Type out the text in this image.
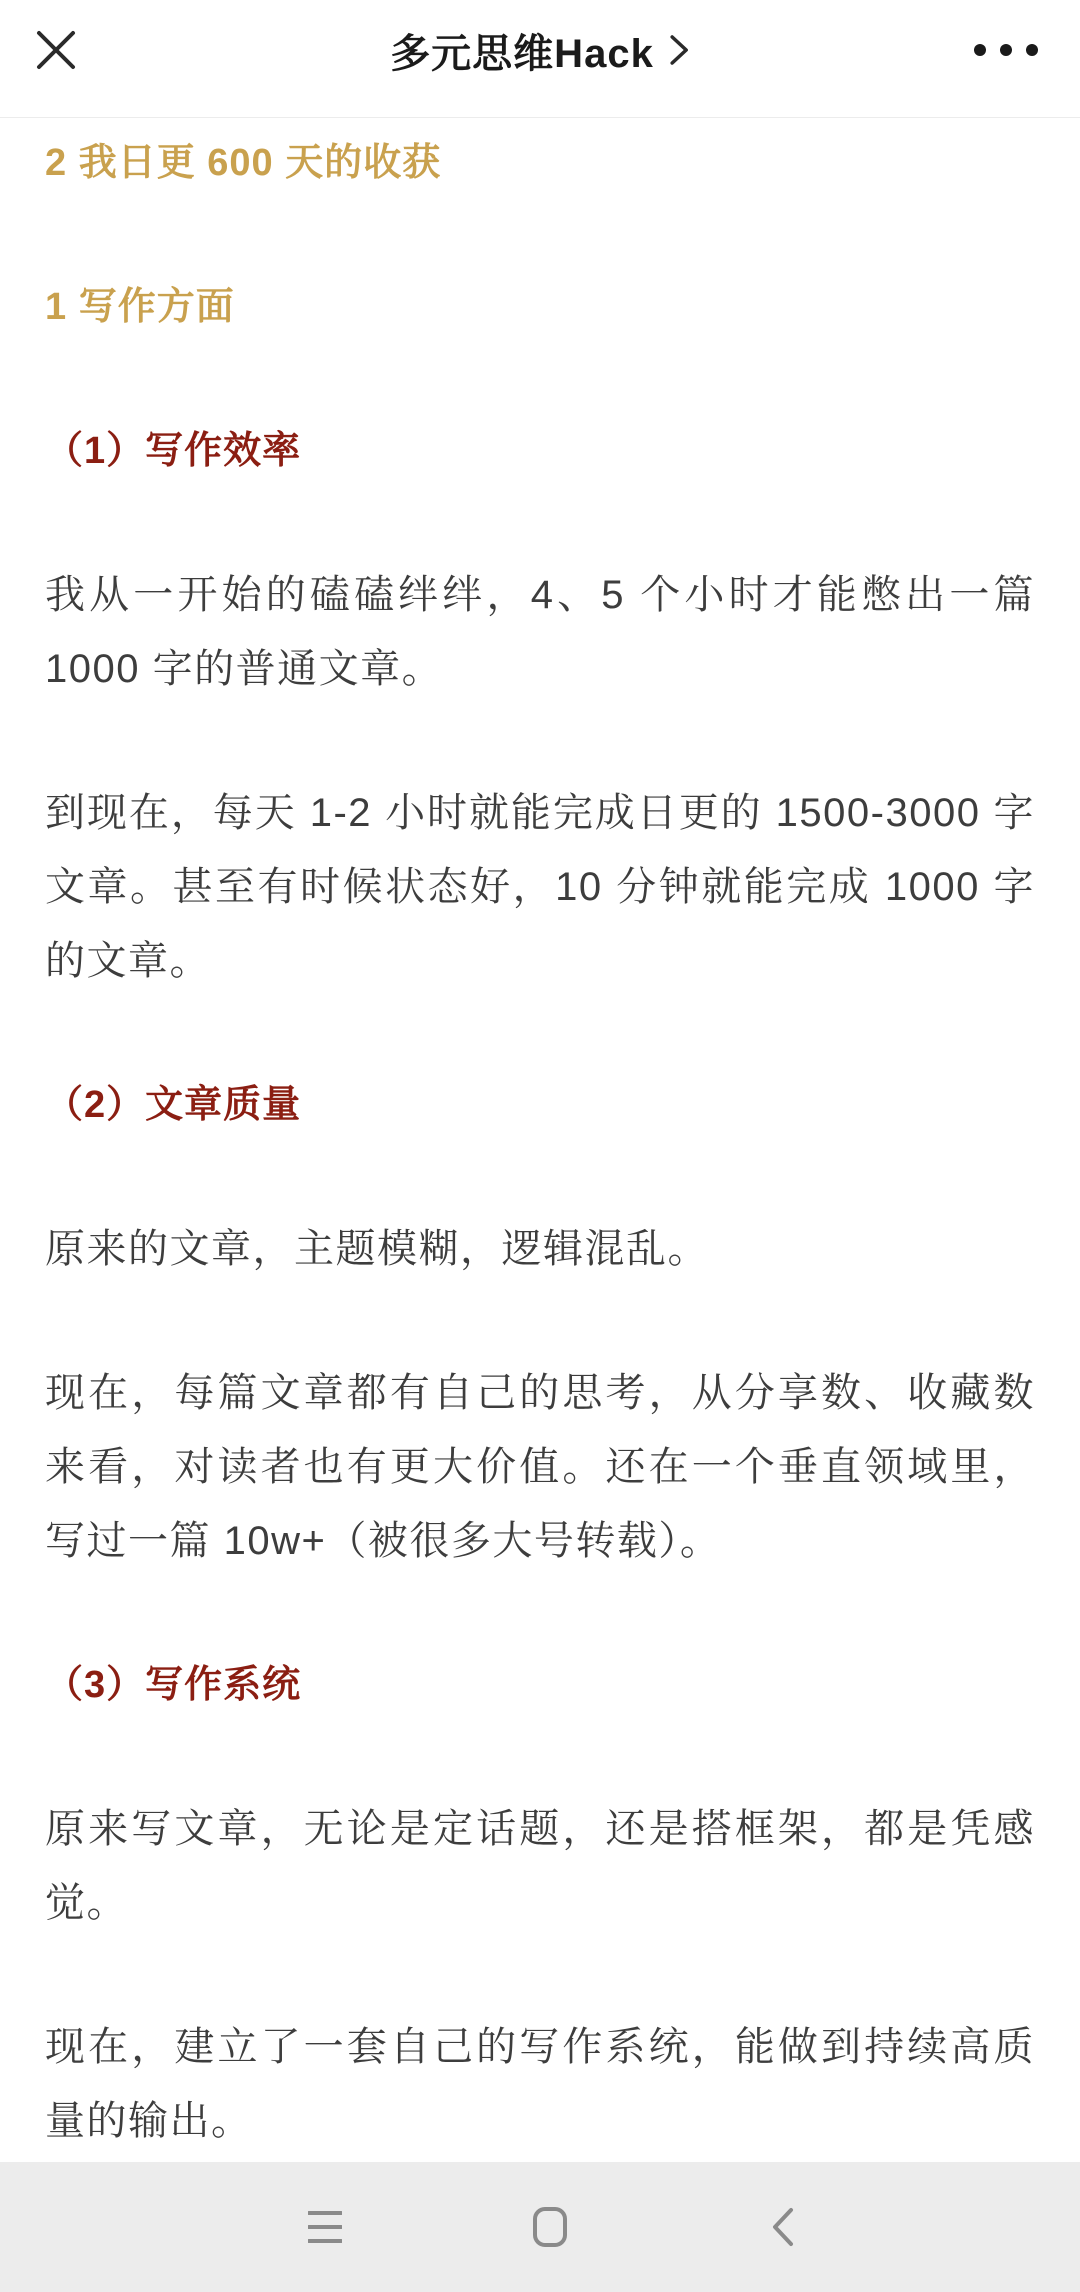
多元思维Hack
2 我日更 600 天的收获
1 写作方面
（1）写作效率

我从一开始的磕磕绊绊，4、5 个小时才能憋出一篇 1000 字的普通文章。

到现在，每天 1-2 小时就能完成日更的 1500-3000 字文章。甚至有时候状态好，10 分钟就能完成 1000 字的文章。

（2）文章质量

原来的文章，主题模糊，逻辑混乱。

现在，每篇文章都有自己的思考，从分享数、收藏数来看，对读者也有更大价值。还在一个垂直领域里，写过一篇 10w+（被很多大号转载）。

（3）写作系统

原来写文章，无论是定话题，还是搭框架，都是凭感觉。

现在，建立了一套自己的写作系统，能做到持续高质量的输出。
